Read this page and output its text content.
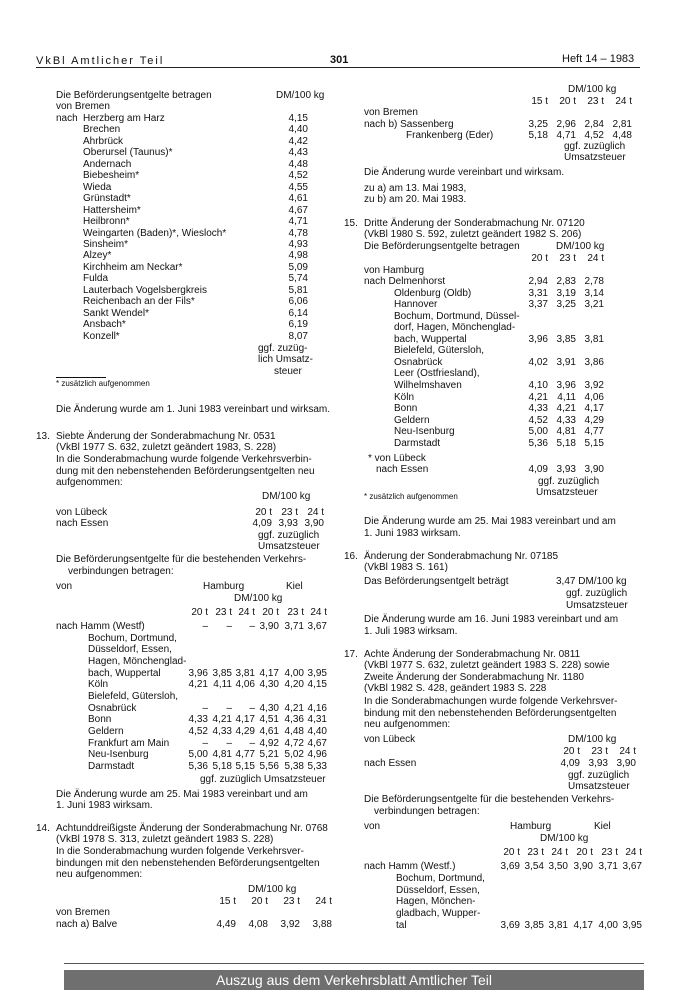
VkBl Amtlicher Teil	301	Heft 14 – 1983
Die Beförderungsentgelte betragen	DM/100 kg
von Bremen
nach Herzberg am Harz	4,15
Brechen	4,40
Ahrbrück	4,42
Oberursel (Taunus)*	4,43
Andernach	4,48
Biebesheim*	4,52
Wieda	4,55
Grünstadt*	4,61
Hattersheim*	4,67
Heilbronn*	4,71
Weingarten (Baden)*, Wiesloch*	4,78
Sinsheim*	4,93
Alzey*	4,98
Kirchheim am Neckar*	5,09
Fulda	5,74
Lauterbach Vogelsbergkreis	5,81
Reichenbach an der Fils*	6,06
Sankt Wendel*	6,14
Ansbach*	6,19
Konzell*	8,07
ggf. zuzüg-
lich Umsatz-
steuer
* zusätzlich aufgenommen
Die Änderung wurde am 1. Juni 1983 vereinbart und wirksam.
13. Siebte Änderung der Sonderabmachung Nr. 0531
(VkBl 1977 S. 632, zuletzt geändert 1983, S. 228)
In die Sonderabmachung wurde folgende Verkehrsverbin-
dung mit den nebenstehenden Beförderungsentgelten neu
aufgenommen:
DM/100 kg
von Lübeck	20 t 23 t 24 t
nach Essen	4,09 3,93 3,90
ggf. zuzüglich
Umsatzsteuer
Die Beförderungsentgelte für die bestehenden Verkehrs-
verbindungen betragen:
von	Hamburg	Kiel
DM/100 kg
20 t 23 t 24 t 20 t 23 t 24 t
nach Hamm (Westf)	–	–	– 3,90 3,71 3,67
Bochum, Dortmund,
Düsseldorf, Essen,
Hagen, Mönchenglad-
bach, Wuppertal	3,96 3,85 3,81 4,17 4,00 3,95
Köln	4,21 4,11 4,06 4,30 4,20 4,15
Bielefeld, Gütersloh,
Osnabrück	–	–	– 4,30 4,21 4,16
Bonn	4,33 4,21 4,17 4,51 4,36 4,31
Geldern	4,52 4,33 4,29 4,61 4,48 4,40
Frankfurt am Main	–	–	– 4,92 4,72 4,67
Neu-Isenburg	5,00 4,81 4,77 5,21 5,02 4,96
Darmstadt	5,36 5,18 5,15 5,56 5,38 5,33
ggf. zuzüglich Umsatzsteuer
Die Änderung wurde am 25. Mai 1983 vereinbart und am
1. Juni 1983 wirksam.
14. Achtunddreißigste Änderung der Sonderabmachung Nr. 0768
(VkBl 1978 S. 313, zuletzt geändert 1983 S. 228)
In die Sonderabmachung wurden folgende Verkehrsver-
bindungen mit den nebenstehenden Beförderungsentgelten
neu aufgenommen:
DM/100 kg
15 t	20 t	23 t	24 t
von Bremen
nach a) Balve	4,49	4,08	3,92	3,88
DM/100 kg
15 t	20 t	23 t	24 t
von Bremen
nach b) Sassenberg	3,25 2,96 2,84 2,81
Frankenberg (Eder)	5,18 4,71 4,52 4,48
ggf. zuzüglich
Umsatzsteuer
Die Änderung wurde vereinbart und wirksam.
zu a) am 13. Mai 1983,
zu b) am 20. Mai 1983.
15. Dritte Änderung der Sonderabmachung Nr. 07120
(VkBl 1980 S. 592, zuletzt geändert 1982 S. 206)
Die Beförderungsentgelte betragen	DM/100 kg
20 t	23 t	24 t
von Hamburg
nach Delmenhorst	2,94 2,83 2,78
Oldenburg (Oldb)	3,31 3,19 3,14
Hannover	3,37 3,25 3,21
Bochum, Dortmund, Düssel-
dorf, Hagen, Mönchenglad-
bach, Wuppertal	3,96 3,85 3,81
Bielefeld, Gütersloh,
Osnabrück	4,02 3,91 3,86
Leer (Ostfriesland),
Wilhelmshaven	4,10 3,96 3,92
Köln	4,21 4,11 4,06
Bonn	4,33 4,21 4,17
Geldern	4,52 4,33 4,29
Neu-Isenburg	5,00 4,81 4,77
Darmstadt	5,36 5,18 5,15
* von Lübeck
nach Essen	4,09 3,93 3,90
ggf. zuzüglich
Umsatzsteuer
* zusätzlich aufgenommen
Die Änderung wurde am 25. Mai 1983 vereinbart und am
1. Juni 1983 wirksam.
16. Änderung der Sonderabmachung Nr. 07185
(VkBl 1983 S. 161)
Das Beförderungsentgelt beträgt	3,47 DM/100 kg
ggf. zuzüglich
Umsatzsteuer
Die Änderung wurde am 16. Juni 1983 vereinbart und am
1. Juli 1983 wirksam.
17. Achte Änderung der Sonderabmachung Nr. 0811
(VkBl 1977 S. 632, zuletzt geändert 1983 S. 228) sowie
Zweite Änderung der Sonderabmachung Nr. 1180
(VkBl 1982 S. 428, geändert 1983 S. 228
In die Sonderabmachungen wurde folgende Verkehrsver-
bindung mit den nebenstehenden Beförderungsentgelten
neu aufgenommen:
von Lübeck	DM/100 kg
20 t	23 t	24 t
nach Essen	4,09 3,93 3,90
ggf. zuzüglich
Umsatzsteuer
Die Beförderungsentgelte für die bestehenden Verkehrs-
verbindungen betragen:
von	Hamburg	Kiel
DM/100 kg
20 t 23 t 24 t 20 t 23 t 24 t
nach Hamm (Westf.)	3,69 3,54 3,50 3,90 3,71 3,67
Bochum, Dortmund,
Düsseldorf, Essen,
Hagen, Mönchen-
gladbach, Wupper-
tal	3,69 3,85 3,81 4,17 4,00 3,95
Auszug aus dem Verkehrsblatt Amtlicher Teil
